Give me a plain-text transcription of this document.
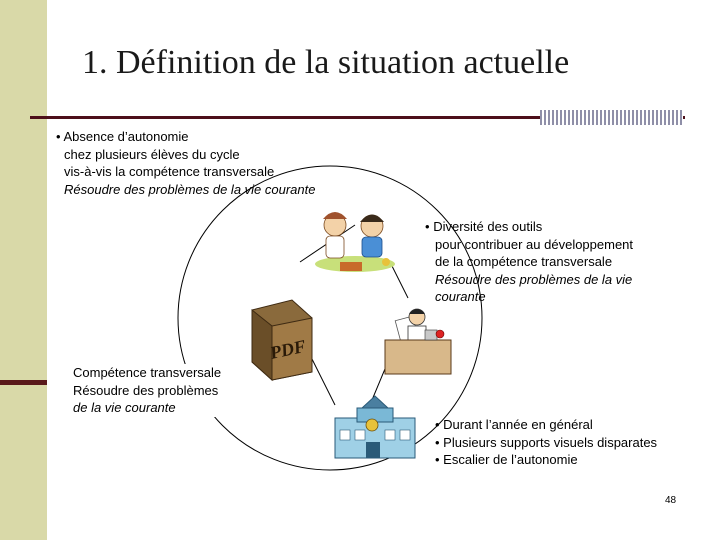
1. Définition de la situation actuelle
PDF
• Absence d’autonomie
chez plusieurs élèves du cycle
vis-à-vis la compétence transversale
Résoudre des problèmes de la vie courante
• Diversité des outils
pour contribuer au développement
de la compétence transversale
Résoudre des problèmes de la vie
courante
Compétence transversale
Résoudre des problèmes
de la vie courante
• Durant l’année en général
• Plusieurs supports visuels disparates
• Escalier de l’autonomie
48
